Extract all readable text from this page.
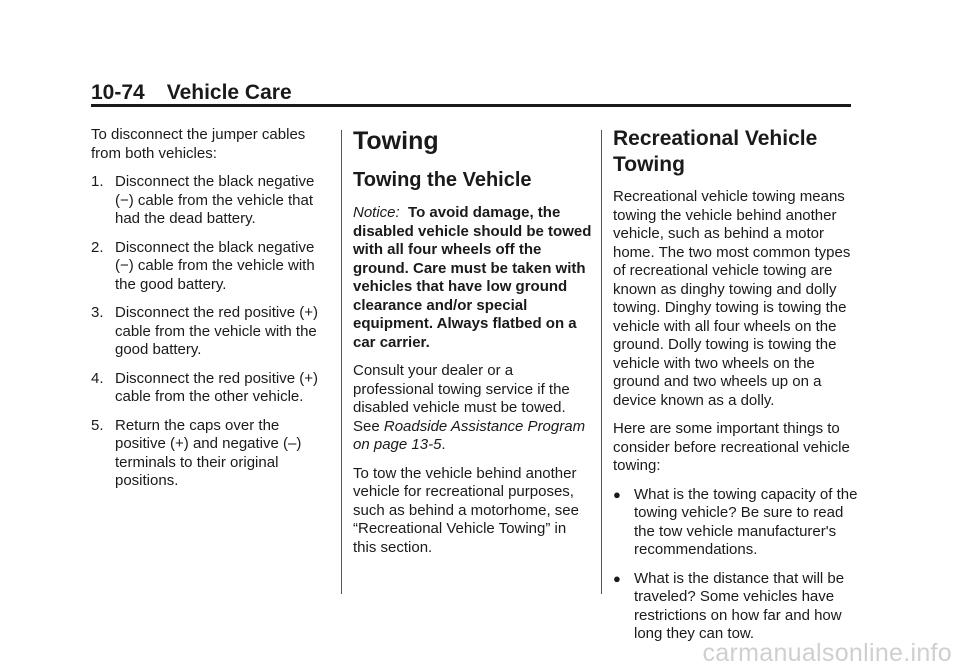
10-74 Vehicle Care

To disconnect the jumper cables from both vehicles:

1. Disconnect the black negative (−) cable from the vehicle that had the dead battery.
2. Disconnect the black negative (−) cable from the vehicle with the good battery.
3. Disconnect the red positive (+) cable from the vehicle with the good battery.
4. Disconnect the red positive (+) cable from the other vehicle.
5. Return the caps over the positive (+) and negative (–) terminals to their original positions.
Towing
Towing the Vehicle

Notice: To avoid damage, the disabled vehicle should be towed with all four wheels off the ground. Care must be taken with vehicles that have low ground clearance and/or special equipment. Always flatbed on a car carrier.

Consult your dealer or a professional towing service if the disabled vehicle must be towed. See Roadside Assistance Program on page 13-5.

To tow the vehicle behind another vehicle for recreational purposes, such as behind a motorhome, see “Recreational Vehicle Towing” in this section.

Recreational Vehicle Towing

Recreational vehicle towing means towing the vehicle behind another vehicle, such as behind a motor home. The two most common types of recreational vehicle towing are known as dinghy towing and dolly towing. Dinghy towing is towing the vehicle with all four wheels on the ground. Dolly towing is towing the vehicle with two wheels on the ground and two wheels up on a device known as a dolly.

Here are some important things to consider before recreational vehicle towing:

● What is the towing capacity of the towing vehicle? Be sure to read the tow vehicle manufacturer's recommendations.
● What is the distance that will be traveled? Some vehicles have restrictions on how far and how long they can tow.
carmanualsonline.info
